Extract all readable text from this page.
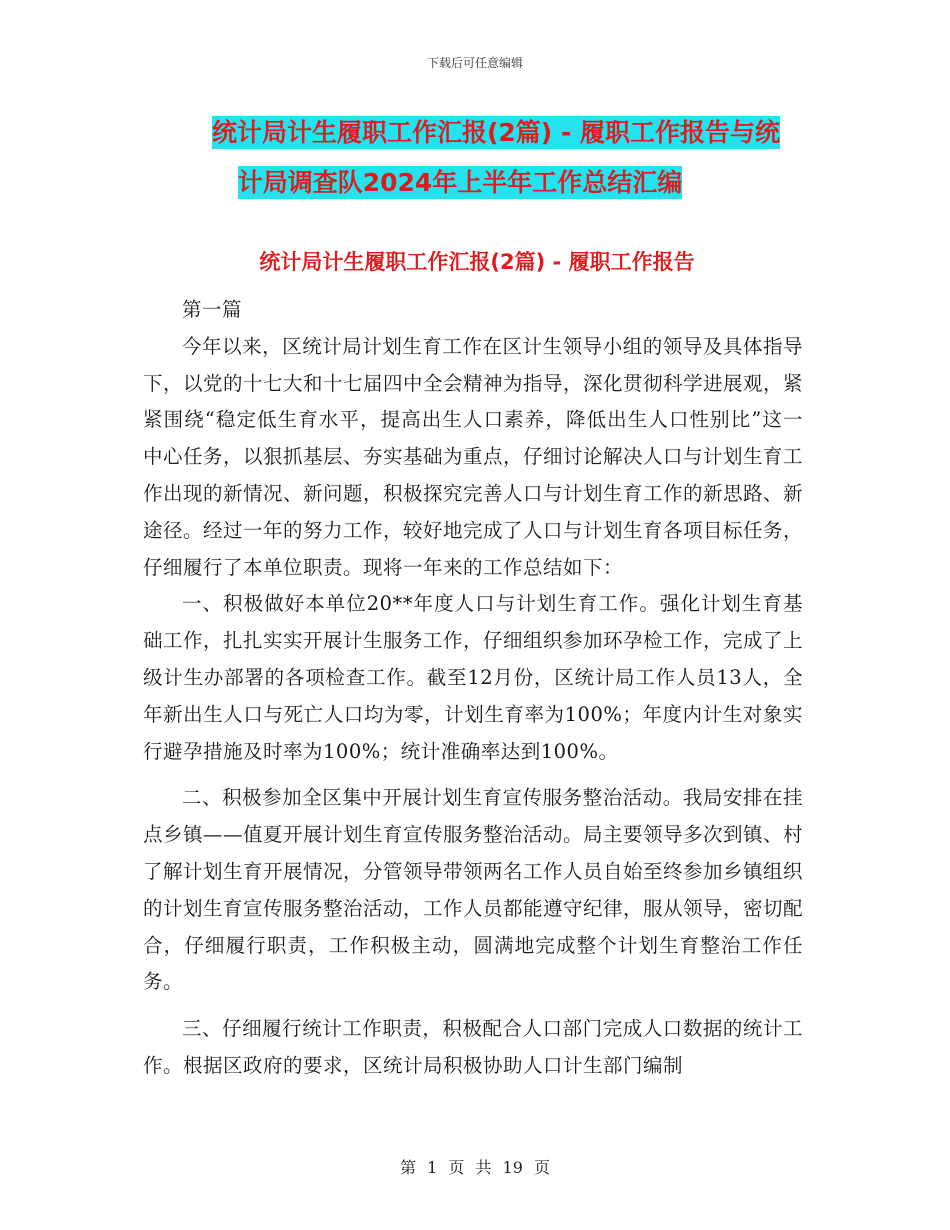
下载后可任意编辑
统计局计生履职工作汇报(2篇) - 履职工作报告与统
计局调查队2024年上半年工作总结汇编
统计局计生履职工作汇报(2篇) - 履职工作报告

第一篇

今年以来，区统计局计划生育工作在区计生领导小组的领导及具体指导下，以党的十七大和十七届四中全会精神为指导，深化贯彻科学进展观，紧紧围绕“稳定低生育水平，提高出生人口素养，降低出生人口性别比”这一中心任务，以狠抓基层、夯实基础为重点，仔细讨论解决人口与计划生育工作出现的新情况、新问题，积极探究完善人口与计划生育工作的新思路、新途径。经过一年的努力工作，较好地完成了人口与计划生育各项目标任务，仔细履行了本单位职责。现将一年来的工作总结如下：

一、积极做好本单位20**年度人口与计划生育工作。强化计划生育基础工作，扎扎实实开展计生服务工作，仔细组织参加环孕检工作，完成了上级计生办部署的各项检查工作。截至12月份，区统计局工作人员13人，全年新出生人口与死亡人口均为零，计划生育率为100%；年度内计生对象实行避孕措施及时率为100%；统计准确率达到100%。

二、积极参加全区集中开展计划生育宣传服务整治活动。我局安排在挂点乡镇——值夏开展计划生育宣传服务整治活动。局主要领导多次到镇、村了解计划生育开展情况，分管领导带领两名工作人员自始至终参加乡镇组织的计划生育宣传服务整治活动，工作人员都能遵守纪律，服从领导，密切配合，仔细履行职责，工作积极主动，圆满地完成整个计划生育整治工作任务。

三、仔细履行统计工作职责，积极配合人口部门完成人口数据的统计工作。根据区政府的要求，区统计局积极协助人口计生部门编制

第 1 页 共 19 页
